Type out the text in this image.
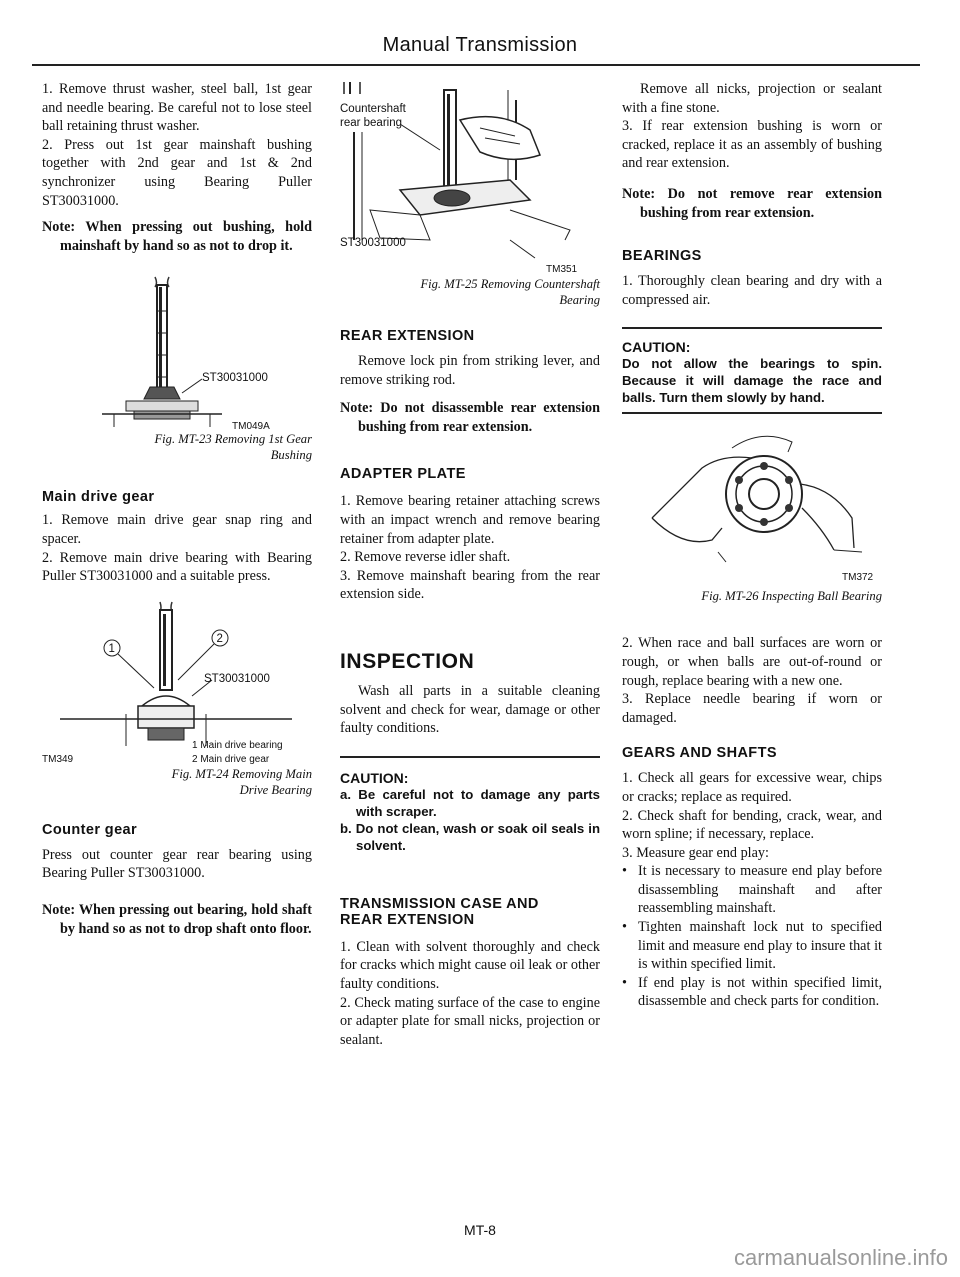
Manual Transmission

1. Remove thrust washer, steel ball, 1st gear and needle bearing. Be careful not to lose steel ball retaining thrust washer.

2. Press out 1st gear mainshaft bushing together with 2nd gear and 1st & 2nd synchronizer using Bearing Puller ST30031000.

Note: When pressing out bushing, hold mainshaft by hand so as not to drop it.

ST30031000
TM049A

Fig. MT-23 Removing 1st Gear

Bushing

Main drive gear

1. Remove main drive gear snap ring and spacer.

2. Remove main drive bearing with Bearing Puller ST30031000 and a suitable press.

1
2
ST30031000
1 Main drive bearing
2 Main drive gear
TM349

Fig. MT-24 Removing Main

Drive Bearing

Counter gear

Press out counter gear rear bearing using Bearing Puller ST30031000.

Note: When pressing out bearing, hold shaft by hand so as not to drop shaft onto floor.

Countershaft
rear bearing
ST30031000
TM351

Fig. MT-25 Removing Countershaft

Bearing

REAR EXTENSION

Remove lock pin from striking lever, and remove striking rod.

Note: Do not disassemble rear extension bushing from rear extension.

ADAPTER PLATE

1. Remove bearing retainer attaching screws with an impact wrench and remove bearing retainer from adapter plate.

2. Remove reverse idler shaft.

3. Remove mainshaft bearing from the rear extension side.

INSPECTION

Wash all parts in a suitable cleaning solvent and check for wear, damage or other faulty conditions.

CAUTION:

a. Be careful not to damage any parts with scraper.

b. Do not clean, wash or soak oil seals in solvent.

TRANSMISSION CASE AND
REAR EXTENSION

1. Clean with solvent thoroughly and check for cracks which might cause oil leak or other faulty conditions.

2. Check mating surface of the case to engine or adapter plate for small nicks, projection or sealant.

Remove all nicks, projection or sealant with a fine stone.

3. If rear extension bushing is worn or cracked, replace it as an assembly of bushing and rear extension.

Note: Do not remove rear extension bushing from rear extension.

BEARINGS

1. Thoroughly clean bearing and dry with a compressed air.

CAUTION:

Do not allow the bearings to spin. Because it will damage the race and balls. Turn them slowly by hand.

TM372

Fig. MT-26 Inspecting Ball Bearing

2. When race and ball surfaces are worn or rough, or when balls are out-of-round or rough, replace bearing with a new one.

3. Replace needle bearing if worn or damaged.

GEARS AND SHAFTS

1. Check all gears for excessive wear, chips or cracks; replace as required.

2. Check shaft for bending, crack, wear, and worn spline; if necessary, replace.

3. Measure gear end play:

• It is necessary to measure end play before disassembling mainshaft and after reassembling mainshaft.

• Tighten mainshaft lock nut to specified limit and measure end play to insure that it is within specified limit.

• If end play is not within specified limit, disassemble and check parts for condition.

MT-8
carmanualsonline.info
